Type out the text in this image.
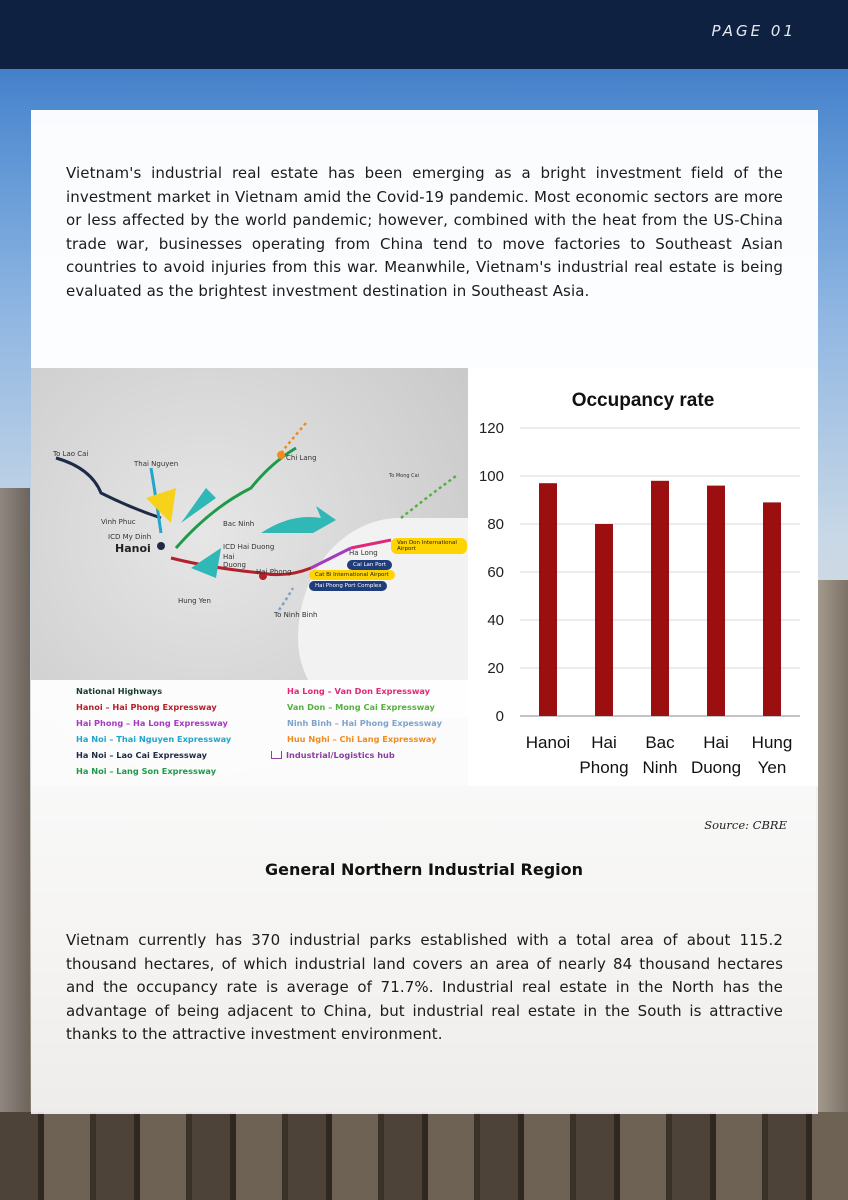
PAGE 01

Vietnam's industrial real estate has been emerging as a bright investment field of the investment market in Vietnam amid the Covid-19 pandemic. Most economic sectors are more or less affected by the world pandemic; however, combined with the heat from the US-China trade war, businesses operating from China tend to move factories to Southeast Asian countries to avoid injuries from this war. Meanwhile, Vietnam's industrial real estate is being evaluated as the brightest investment destination in Southeast Asia.

To Lao Cai
Thai Nguyen
Vinh Phuc
ICD My Dinh
Hanoi
Bac Ninh
ICD Hai Duong
Hai Duong
Hai Phong
Hung Yen
To Ninh Binh
Chi Lang
Ha Long
To Mong Cai
Cai Lan Port
Cat Bi International Airport
Hai Phong Port Complex
Van Don International Airport
National Highways
Hanoi – Hai Phong Expressway
Hai Phong – Ha Long Expressway
Ha Noi – Thai Nguyen Expressway
Ha Noi – Lao Cai Expressway
Ha Noi – Lang Son Expressway
Ha Long – Van Don Expressway
Van Don – Mong Cai Expressway
Ninh Binh – Hai Phong Expessway
Huu Nghi – Chi Lang Expressway
Industrial/Logistics hub
Occupancy rate
0
20
40
60
80
100
120
Hanoi Hai
Phong
Bac
Ninh
Hai
Duong
Hung
Yen
Source: CBRE
General Northern Industrial Region

Vietnam currently has 370 industrial parks established with a total area of about 115.2 thousand hectares, of which industrial land covers an area of nearly 84 thousand hectares and the occupancy rate is average of 71.7%. Industrial real estate in the North has the advantage of being adjacent to China, but industrial real estate in the South is attractive thanks to the attractive investment environment.
